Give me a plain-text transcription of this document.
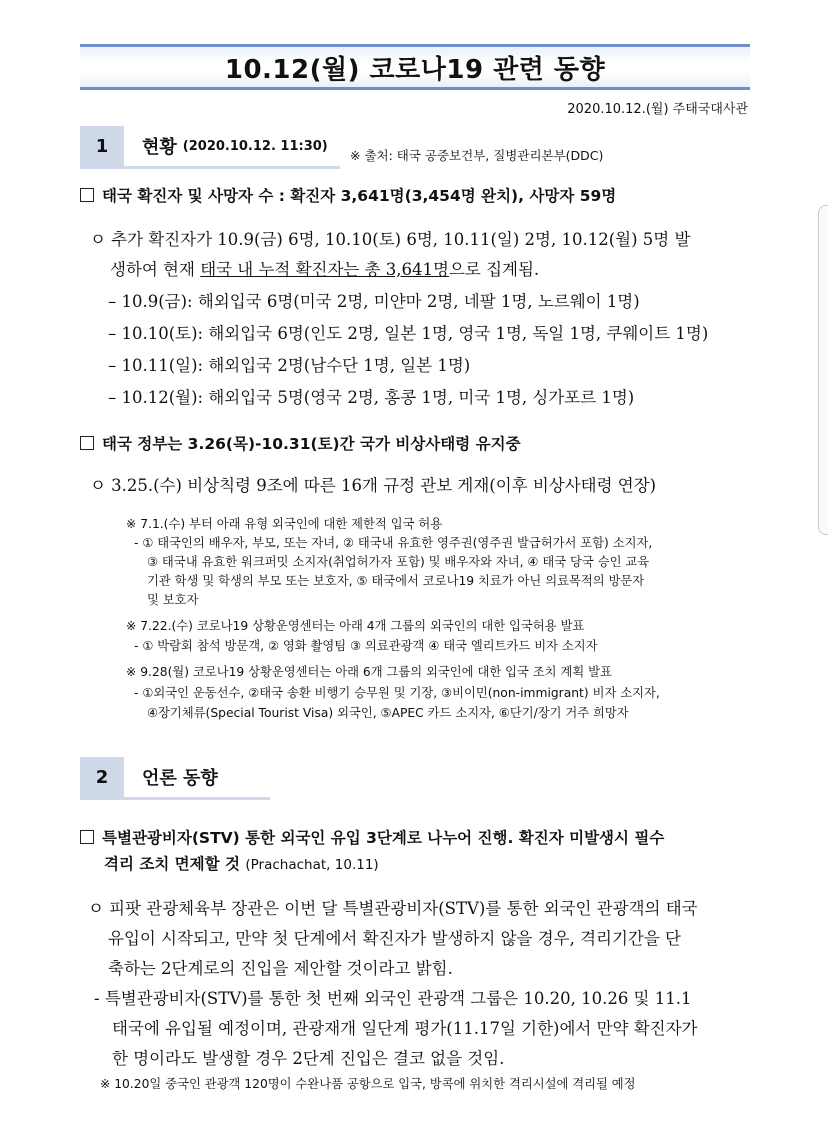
10.12(월) 코로나19 관련 동향
2020.10.12.(월) 주태국대사관
1	현황 (2020.10.12. 11:30)
※ 출처: 태국 공중보건부, 질병관리본부(DDC)
태국 확진자 및 사망자 수 : 확진자 3,641명(3,454명 완치), 사망자 59명
ㅇ 추가 확진자가 10.9(금) 6명, 10.10(토) 6명, 10.11(일) 2명, 10.12(월) 5명 발
생하여 현재 태국 내 누적 확진자는 총 3,641명으로 집계됨.
– 10.9(금): 해외입국 6명(미국 2명, 미얀마 2명, 네팔 1명, 노르웨이 1명)
– 10.10(토): 해외입국 6명(인도 2명, 일본 1명, 영국 1명, 독일 1명, 쿠웨이트 1명)
– 10.11(일): 해외입국 2명(남수단 1명, 일본 1명)
– 10.12(월): 해외입국 5명(영국 2명, 홍콩 1명, 미국 1명, 싱가포르 1명)
태국 정부는 3.26(목)-10.31(토)간 국가 비상사태령 유지중
ㅇ 3.25.(수) 비상칙령 9조에 따른 16개 규정 관보 게재(이후 비상사태령 연장)
※ 7.1.(수) 부터 아래 유형 외국인에 대한 제한적 입국 허용
- ① 태국인의 배우자, 부모, 또는 자녀, ② 태국내 유효한 영주권(영주권 발급허가서 포함) 소지자,
③ 태국내 유효한 워크퍼밋 소지자(취업허가자 포함) 및 배우자와 자녀, ④ 태국 당국 승인 교육
기관 학생 및 학생의 부모 또는 보호자, ⑤ 태국에서 코로나19 치료가 아닌 의료목적의 방문자
및 보호자
※ 7.22.(수) 코로나19 상황운영센터는 아래 4개 그룹의 외국인의 대한 입국허용 발표
- ① 박람회 참석 방문객, ② 영화 촬영팀 ③ 의료관광객 ④ 태국 엘리트카드 비자 소지자
※ 9.28(월) 코로나19 상황운영센터는 아래 6개 그룹의 외국인에 대한 입국 조치 계획 발표
- ①외국인 운동선수, ②태국 송환 비행기 승무원 및 기장, ③비이민(non-immigrant) 비자 소지자,
④장기체류(Special Tourist Visa) 외국인, ⑤APEC 카드 소지자, ⑥단기/장기 거주 희망자
2	언론 동향
특별관광비자(STV) 통한 외국인 유입 3단계로 나누어 진행. 확진자 미발생시 필수
격리 조치 면제할 것 (Prachachat, 10.11)
ㅇ 피팟 관광체육부 장관은 이번 달 특별관광비자(STV)를 통한 외국인 관광객의 태국
유입이 시작되고, 만약 첫 단계에서 확진자가 발생하지 않을 경우, 격리기간을 단
축하는 2단계로의 진입을 제안할 것이라고 밝힘.
- 특별관광비자(STV)를 통한 첫 번째 외국인 관광객 그룹은 10.20, 10.26 및 11.1
태국에 유입될 예정이며, 관광재개 일단계 평가(11.17일 기한)에서 만약 확진자가
한 명이라도 발생할 경우 2단계 진입은 결코 없을 것임.
※ 10.20일 중국인 관광객 120명이 수완나품 공항으로 입국, 방콕에 위치한 격리시설에 격리될 예정
